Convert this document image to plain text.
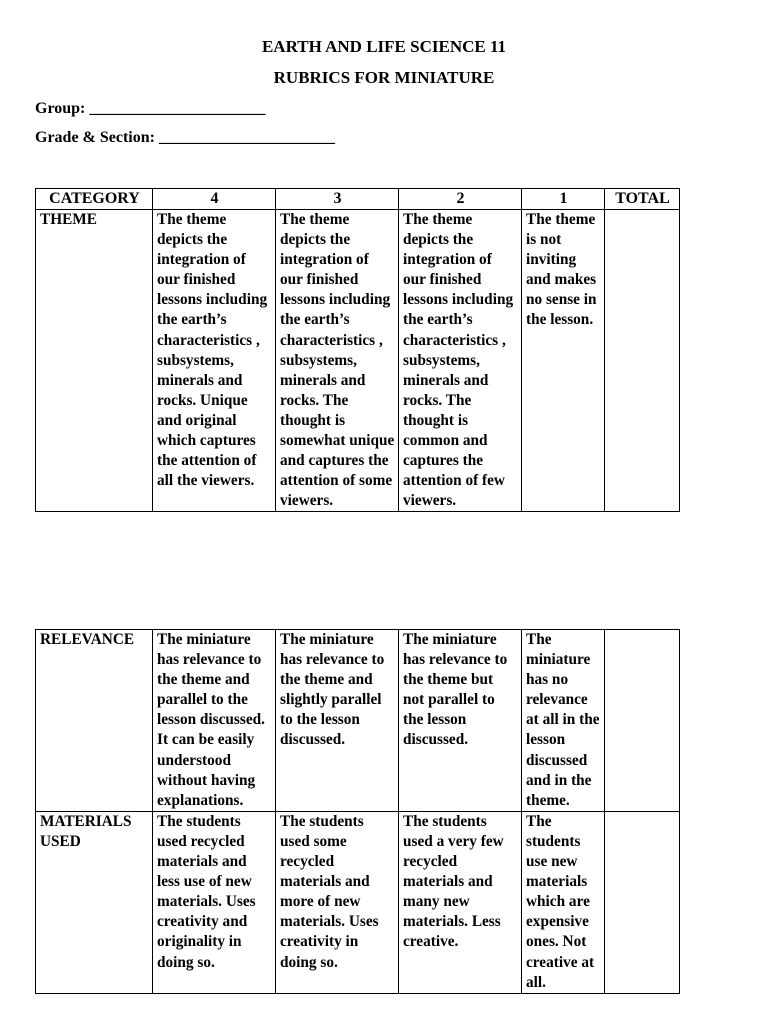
EARTH AND LIFE SCIENCE 11
RUBRICS FOR MINIATURE
Group: ______________________
Grade & Section: ______________________
CATEGORY	4	3	2	1	TOTAL
THEME	The theme depicts the integration of our finished lessons including the earth’s characteristics , subsystems, minerals and rocks. Unique and original which captures the attention of all the viewers.	The theme depicts the integration of our finished lessons including the earth’s characteristics , subsystems, minerals and rocks. The thought is somewhat unique and captures the attention of some viewers.	The theme depicts the integration of our finished lessons including the earth’s characteristics , subsystems, minerals and rocks. The thought is common and captures the attention of few viewers.	The theme is not inviting and makes no sense in the lesson.	
RELEVANCE	The miniature has relevance to the theme and parallel to the lesson discussed. It can be easily understood without having explanations.	The miniature has relevance to the theme and slightly parallel to the lesson discussed.	The miniature has relevance to the theme but not parallel to the lesson discussed.	The miniature has no relevance at all in the lesson discussed and in the theme.	
MATERIALS USED	The students used recycled materials and less use of new materials. Uses creativity and originality in doing so.	The students used some recycled materials and more of new materials. Uses creativity in doing so.	The students used a very few recycled materials and many new materials. Less creative.	The students use new materials which are expensive ones. Not creative at all.	
